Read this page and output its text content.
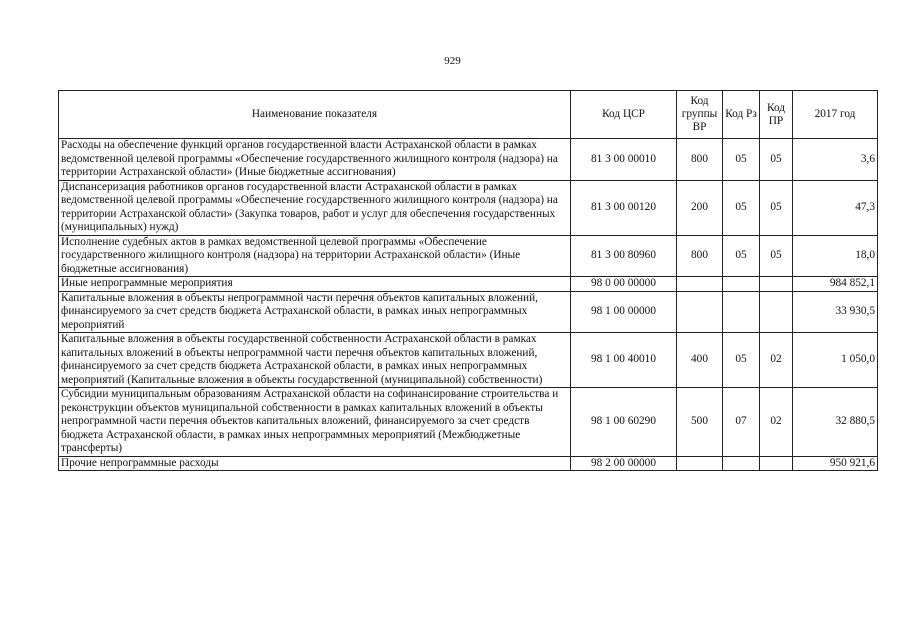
929
Наименование показателя	Код ЦСР	Код группы ВР	Код Рз	Код ПР	2017 год
Расходы на обеспечение функций органов государственной власти Астраханской области в рамках ведомственной целевой программы «Обеспечение государственного жилищного контроля (надзора) на территории Астраханской области» (Иные бюджетные ассигнования)	81 3 00 00010	800	05	05	3,6
Диспансеризация работников органов государственной власти Астраханской области в рамках ведомственной целевой программы «Обеспечение государственного жилищного контроля (надзора) на территории Астраханской области» (Закупка товаров, работ и услуг для обеспечения государственных (муниципальных) нужд)	81 3 00 00120	200	05	05	47,3
Исполнение судебных актов в рамках ведомственной целевой программы «Обеспечение государственного жилищного контроля (надзора) на территории Астраханской области» (Иные бюджетные ассигнования)	81 3 00 80960	800	05	05	18,0
Иные непрограммные мероприятия	98 0 00 00000				984 852,1
Капитальные вложения в объекты непрограммной части перечня объектов капитальных вложений, финансируемого за счет средств бюджета Астраханской области, в рамках иных непрограммных мероприятий	98 1 00 00000				33 930,5
Капитальные вложения в объекты государственной собственности Астраханской области в рамках капитальных вложений в объекты непрограммной части перечня объектов капитальных вложений, финансируемого за счет средств бюджета Астраханской области, в рамках иных непрограммных мероприятий (Капитальные вложения в объекты государственной (муниципальной) собственности)	98 1 00 40010	400	05	02	1 050,0
Субсидии муниципальным образованиям Астраханской области на софинансирование строительства и реконструкции объектов муниципальной собственности в рамках капитальных вложений в объекты непрограммной части перечня объектов капитальных вложений, финансируемого за счет средств бюджета Астраханской области, в рамках иных непрограммных мероприятий (Межбюджетные трансферты)	98 1 00 60290	500	07	02	32 880,5
Прочие непрограммные расходы	98 2 00 00000				950 921,6
